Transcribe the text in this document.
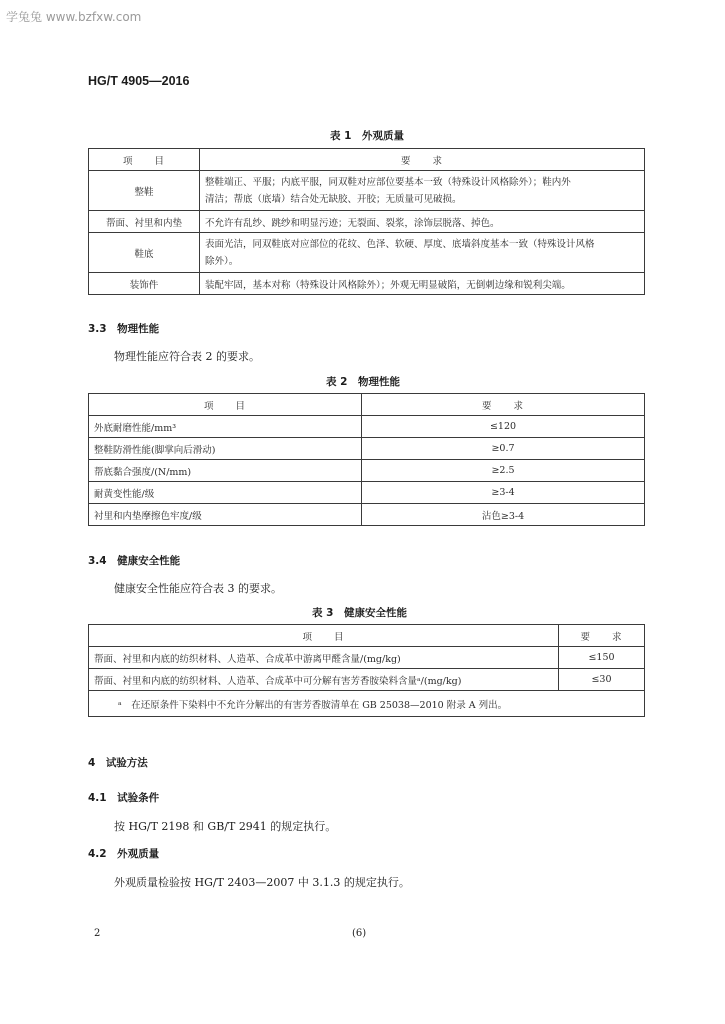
学兔兔 www.bzfxw.com
HG/T 4905—2016
表 1　外观质量
项　　目	要　　求
整鞋	整鞋端正、平服；内底平服，同双鞋对应部位要基本一致（特殊设计风格除外）；鞋内外
清洁；帮底（底墙）结合处无缺胶、开胶；无质量可见破损。
帮面、衬里和内垫	不允许有乱纱、跳纱和明显污迹；无裂面、裂浆，涂饰层脱落、掉色。
鞋底	表面光洁，同双鞋底对应部位的花纹、色泽、软硬、厚度、底墙斜度基本一致（特殊设计风格
除外）。
装饰件	装配牢固，基本对称（特殊设计风格除外）；外观无明显破陷，无倒刺边缘和锐利尖端。
3.3　 物理性能
物理性能应符合表 2 的要求。
表 2　物理性能
项　　目	要　　求
外底耐磨性能/mm³	≤120
整鞋防滑性能(脚掌向后滑动)	≥0.7
帮底黏合强度/(N/mm)	≥2.5
耐黄变性能/级	≥3-4
衬里和内垫摩擦色牢度/级	沾色≥3-4
3.4　 健康安全性能
健康安全性能应符合表 3 的要求。
表 3　健康安全性能
项　　目	要　　求
帮面、衬里和内底的纺织材料、人造革、合成革中游离甲醛含量/(mg/kg)	≤150
帮面、衬里和内底的纺织材料、人造革、合成革中可分解有害芳香胺染料含量ᵃ/(mg/kg)	≤30
ᵃ　 在还原条件下染料中不允许分解出的有害芳香胺清单在 GB 25038—2010 附录 A 列出。	
4　 试验方法
4.1　 试验条件
按 HG/T 2198 和 GB/T 2941 的规定执行。
4.2　 外观质量
外观质量检验按 HG/T 2403—2007 中 3.1.3 的规定执行。
2	(6)
